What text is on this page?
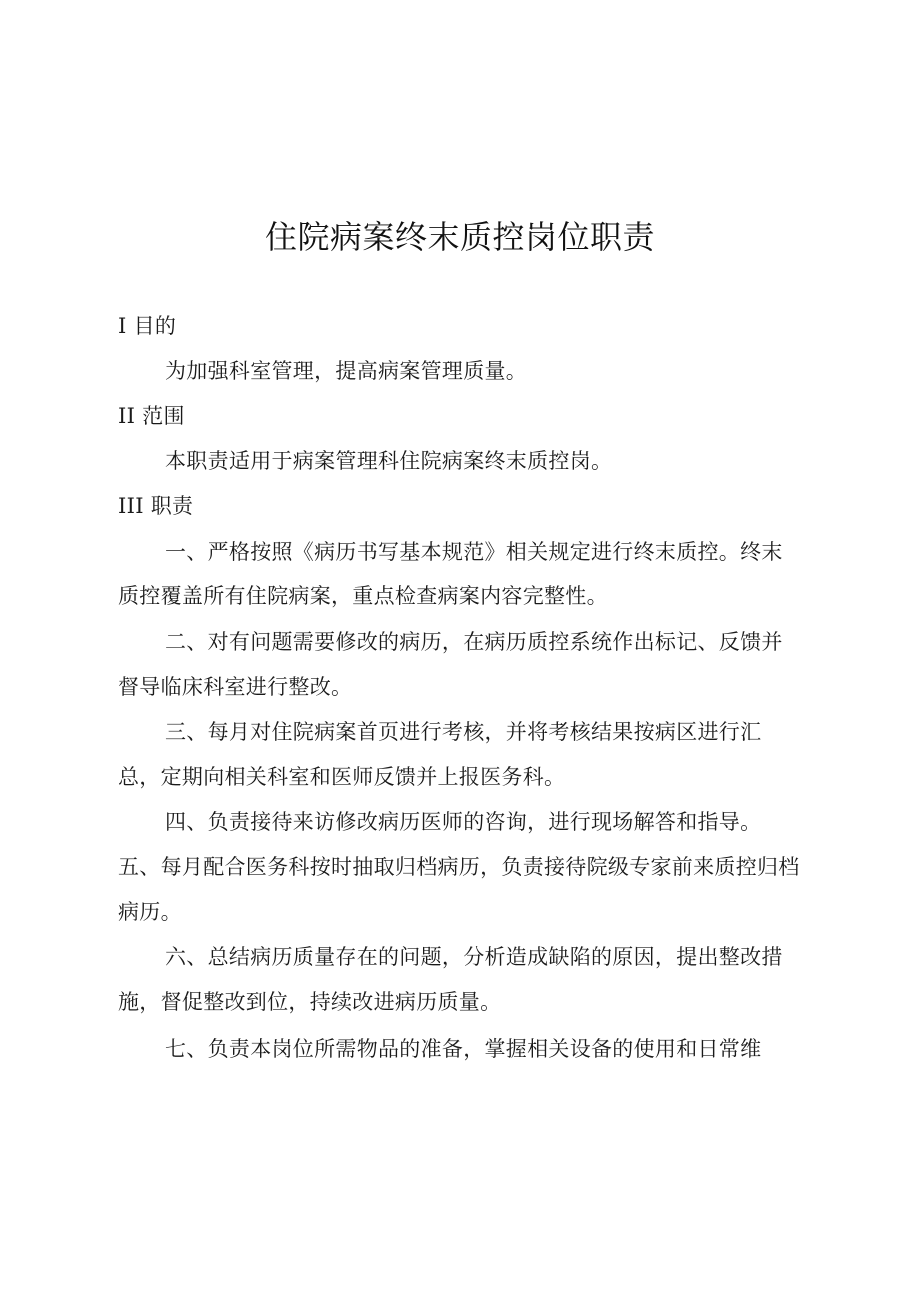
住院病案终末质控岗位职责
I 目的
为加强科室管理，提高病案管理质量。
II 范围
本职责适用于病案管理科住院病案终末质控岗。
III 职责
一、严格按照《病历书写基本规范》相关规定进行终末质控。终末
质控覆盖所有住院病案，重点检查病案内容完整性。
二、对有问题需要修改的病历，在病历质控系统作出标记、反馈并
督导临床科室进行整改。
三、每月对住院病案首页进行考核，并将考核结果按病区进行汇
总，定期向相关科室和医师反馈并上报医务科。
四、负责接待来访修改病历医师的咨询，进行现场解答和指导。
五、每月配合医务科按时抽取归档病历，负责接待院级专家前来质控归档
病历。
六、总结病历质量存在的问题，分析造成缺陷的原因，提出整改措
施，督促整改到位，持续改进病历质量。
七、负责本岗位所需物品的准备，掌握相关设备的使用和日常维
